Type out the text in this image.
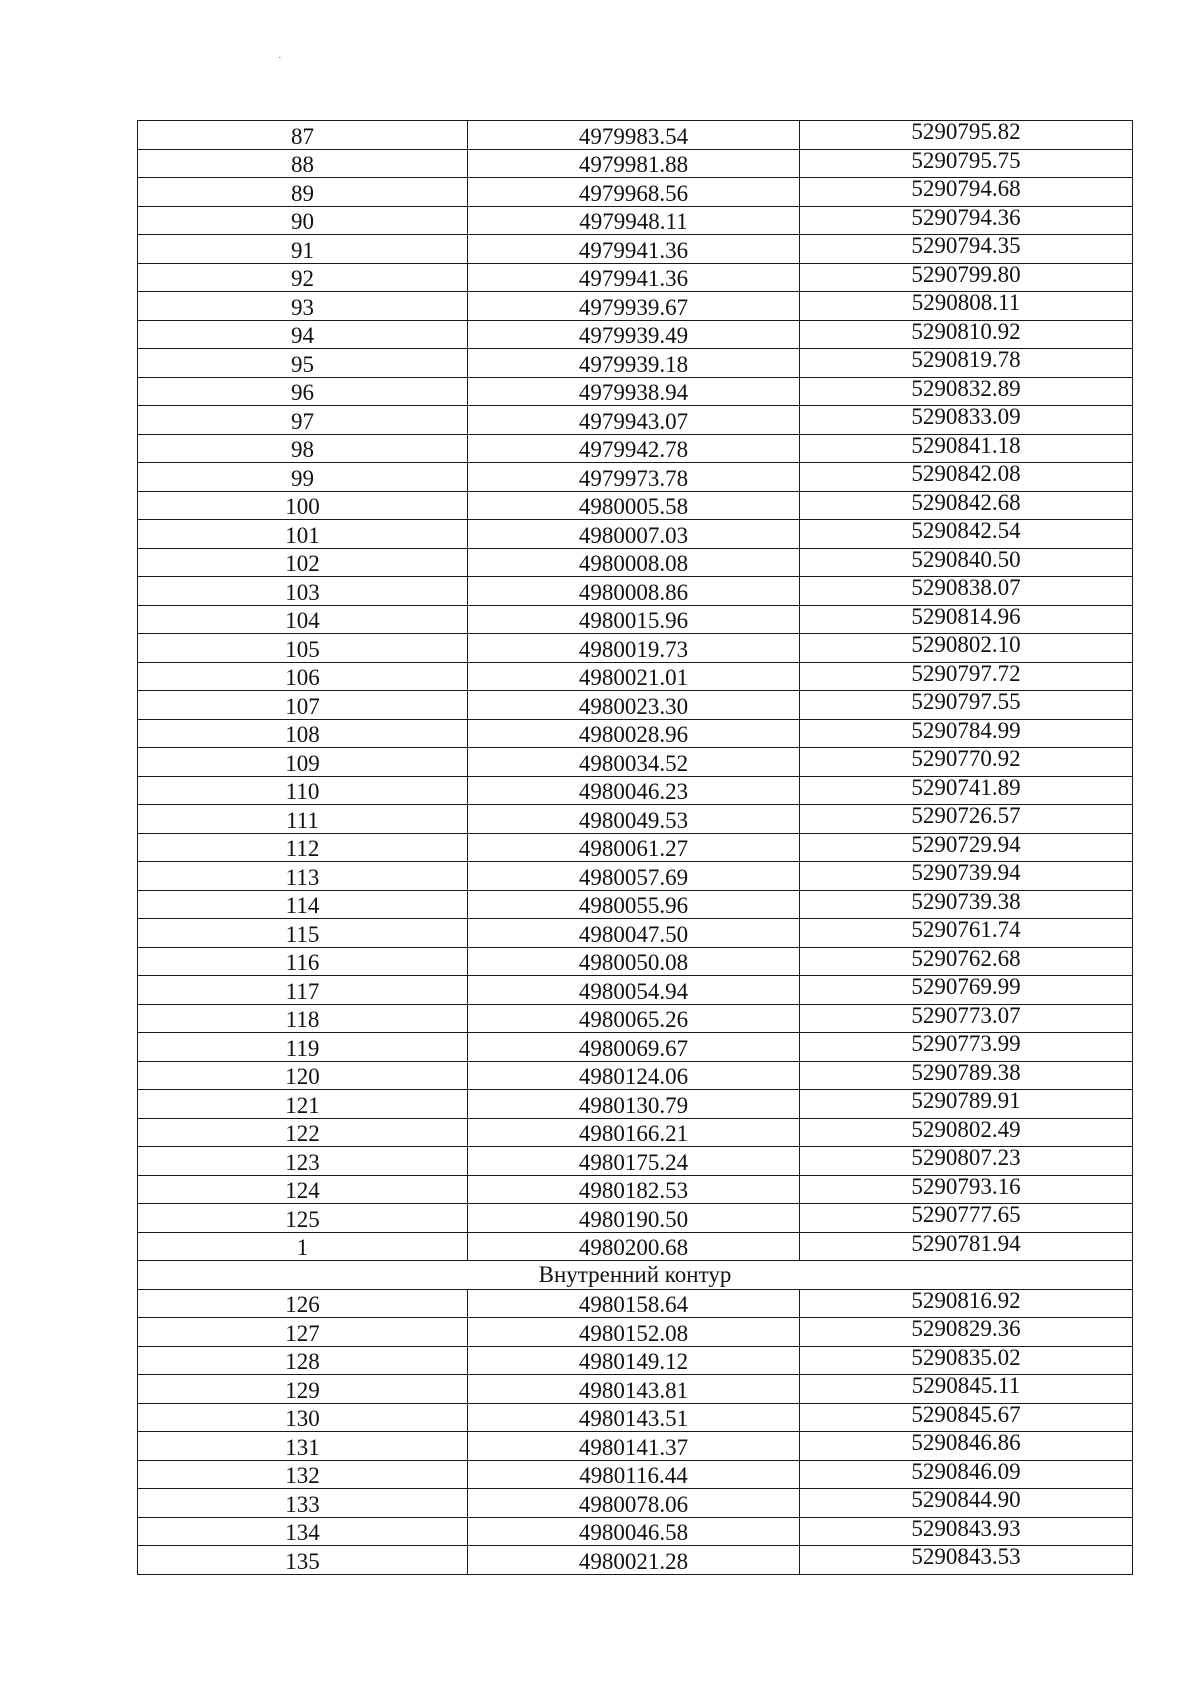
·
87	4979983.54	5290795.82
88	4979981.88	5290795.75
89	4979968.56	5290794.68
90	4979948.11	5290794.36
91	4979941.36	5290794.35
92	4979941.36	5290799.80
93	4979939.67	5290808.11
94	4979939.49	5290810.92
95	4979939.18	5290819.78
96	4979938.94	5290832.89
97	4979943.07	5290833.09
98	4979942.78	5290841.18
99	4979973.78	5290842.08
100	4980005.58	5290842.68
101	4980007.03	5290842.54
102	4980008.08	5290840.50
103	4980008.86	5290838.07
104	4980015.96	5290814.96
105	4980019.73	5290802.10
106	4980021.01	5290797.72
107	4980023.30	5290797.55
108	4980028.96	5290784.99
109	4980034.52	5290770.92
110	4980046.23	5290741.89
111	4980049.53	5290726.57
112	4980061.27	5290729.94
113	4980057.69	5290739.94
114	4980055.96	5290739.38
115	4980047.50	5290761.74
116	4980050.08	5290762.68
117	4980054.94	5290769.99
118	4980065.26	5290773.07
119	4980069.67	5290773.99
120	4980124.06	5290789.38
121	4980130.79	5290789.91
122	4980166.21	5290802.49
123	4980175.24	5290807.23
124	4980182.53	5290793.16
125	4980190.50	5290777.65
1	4980200.68	5290781.94
Внутренний контур		
126	4980158.64	5290816.92
127	4980152.08	5290829.36
128	4980149.12	5290835.02
129	4980143.81	5290845.11
130	4980143.51	5290845.67
131	4980141.37	5290846.86
132	4980116.44	5290846.09
133	4980078.06	5290844.90
134	4980046.58	5290843.93
135	4980021.28	5290843.53
